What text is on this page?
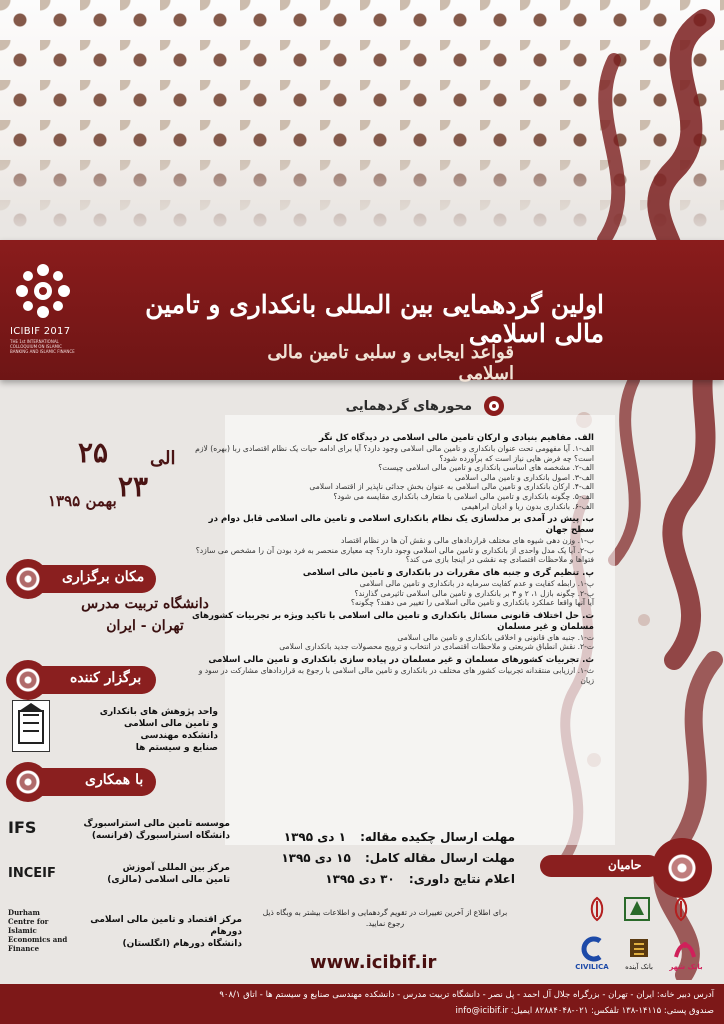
ICIBIF 2017
THE 1st INTERNATIONAL COLLOQUIUM ON ISLAMIC BANKING AND ISLAMIC FINANCE
اولین گردهمایی بین المللی بانکداری و تامین مالی اسلامی
قواعد ایجابی و سلبی تامین مالی اسلامی
۲۵ الی
۲۳
بهمن ۱۳۹۵
محورهای گردهمایی
الف. مفاهیم بنیادی و ارکان تامین مالی اسلامی در دیدگاه کل نگر
الف-۱. آیا مفهومی تحت عنوان بانکداری و تامین مالی اسلامی وجود دارد؟ آیا برای ادامه حیات یک نظام اقتصادی ربا (بهره) لازم است؟ چه فرض هایی نیاز است که برآورده شود؟
الف-۲. مشخصه های اساسی بانکداری و تامین مالی اسلامی چیست؟
الف-۳. اصول بانکداری و تامین مالی اسلامی
الف-۴. ارکان بانکداری و تامین مالی اسلامی به عنوان بخش جدائی ناپذیر از اقتصاد اسلامی
الف-۵. چگونه بانکداری و تامین مالی اسلامی با متعارف بانکداری مقایسه می شود؟
الف-۶. بانکداری بدون ربا و ادیان ابراهیمی
ب. پیش در آمدی بر مدلسازی یک نظام بانکداری اسلامی و تامین مالی اسلامی قابل دوام در سطح جهان
ب-۱. وزن دهی شیوه های مختلف قراردادهای مالی و نقش آن ها در نظام اقتصاد
ب-۲. آیا یک مدل واحدی از بانکداری و تامین مالی اسلامی وجود دارد؟ چه معیاری منحصر به فرد بودن آن را مشخص می سازد؟ فتواها و ملاحظات اقتصادی چه نقشی در اینجا بازی می کند؟
پ. تنظیم گری و جنبه های مقررات در بانکداری و تامین مالی اسلامی
پ-۱. رابطه کفایت و عدم کفایت سرمایه در بانکداری و تامین مالی اسلامی
پ-۲. چگونه بازل ۱، ۲ و ۳ بر بانکداری و تامین مالی اسلامی تاثیرمی گذارند؟
آیا آنها واقعا عملکرد بانکداری و تامین مالی اسلامی را تغییر می دهند؟ چگونه؟
ت. حل اختلاف قانونی مسائل بانکداری و تامین مالی اسلامی با تاکید ویژه بر تجربیات کشورهای مسلمان و غیر مسلمان
ت-۱. جنبه های قانونی و اخلاقی بانکداری و تامین مالی اسلامی
ت-۲. نقش انطباق شریعتی و ملاحظات اقتصادی در انتخاب و ترویج محصولات جدید بانکداری اسلامی
ث. تجربیات کشورهای مسلمان و غیر مسلمان در پیاده سازی بانکداری و تامین مالی اسلامی
ث-۱. ارزیابی منتقدانه تجربیات کشور های مختلف در بانکداری و تامین مالی اسلامی با رجوع به قراردادهای مشارکت در سود و زیان
مکان برگزاری
دانشگاه تربیت مدرس
تهران - ایران
برگزار کننده
واحد پژوهش های بانکداری
و تامین مالی اسلامی
دانشکده مهندسی
صنایع و سیستم ها
با همکاری
IFS	موسسه تامین مالی استراسبورگ
دانشگاه استراسبورگ (فرانسه)
INCEIF	مرکز بین المللی آموزش
تامین مالی اسلامی (مالزی)
Durham Centre for Islamic Economics and Finance
مرکز اقتصاد و تامین مالی اسلامی دورهام
دانشگاه دورهام (انگلستان)
مهلت ارسال چکیده مقاله: ۱ دی ۱۳۹۵
مهلت ارسال مقاله کامل: ۱۵ دی ۱۳۹۵
اعلام نتایج داوری: ۳۰ دی ۱۳۹۵
برای اطلاع از آخرین تغییرات در تقویم گردهمایی و اطلاعات بیشتر به وبگاه ذیل رجوع نمایید.
www.icibif.ir
حامیان
CIVILICA	بانک آینده	بانک شهر
آدرس دبیر خانه: ایران - تهران - بزرگراه جلال آل احمد - پل نصر - دانشگاه تربیت مدرس - دانشکده مهندسی صنایع و سیستم ها - اتاق ۹۰۸/۱
صندوق پستی: ۱۴۱۱۵-۱۳۸ تلفکس: ۰۲۱-۸۲۸۸۴۰۴۸ ایمیل: info@icibif.ir
